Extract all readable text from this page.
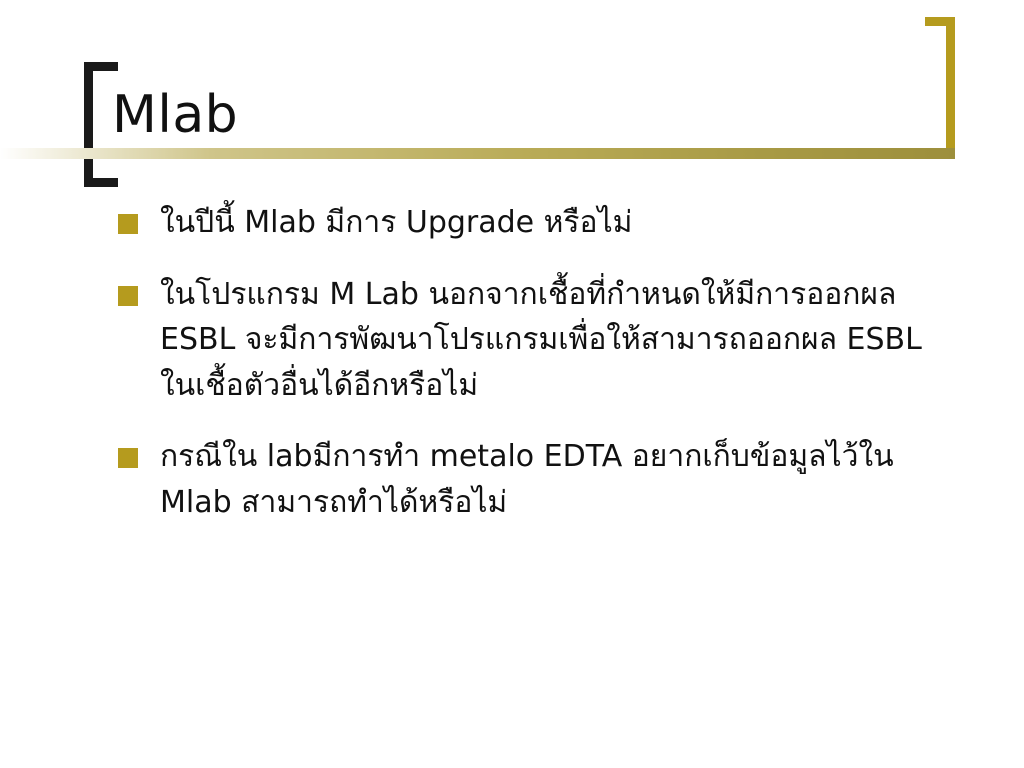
Mlab
ในปีนี้ Mlab มีการ Upgrade หรือไม่
ในโปรแกรม M Lab นอกจากเชื้อที่กำหนดให้มีการออกผล ESBL จะมีการพัฒนาโปรแกรมเพื่อให้สามารถออกผล ESBL ในเชื้อตัวอื่นได้อีกหรือไม่
กรณีใน labมีการทำ metalo EDTA อยากเก็บข้อมูลไว้ใน Mlab สามารถทำได้หรือไม่
